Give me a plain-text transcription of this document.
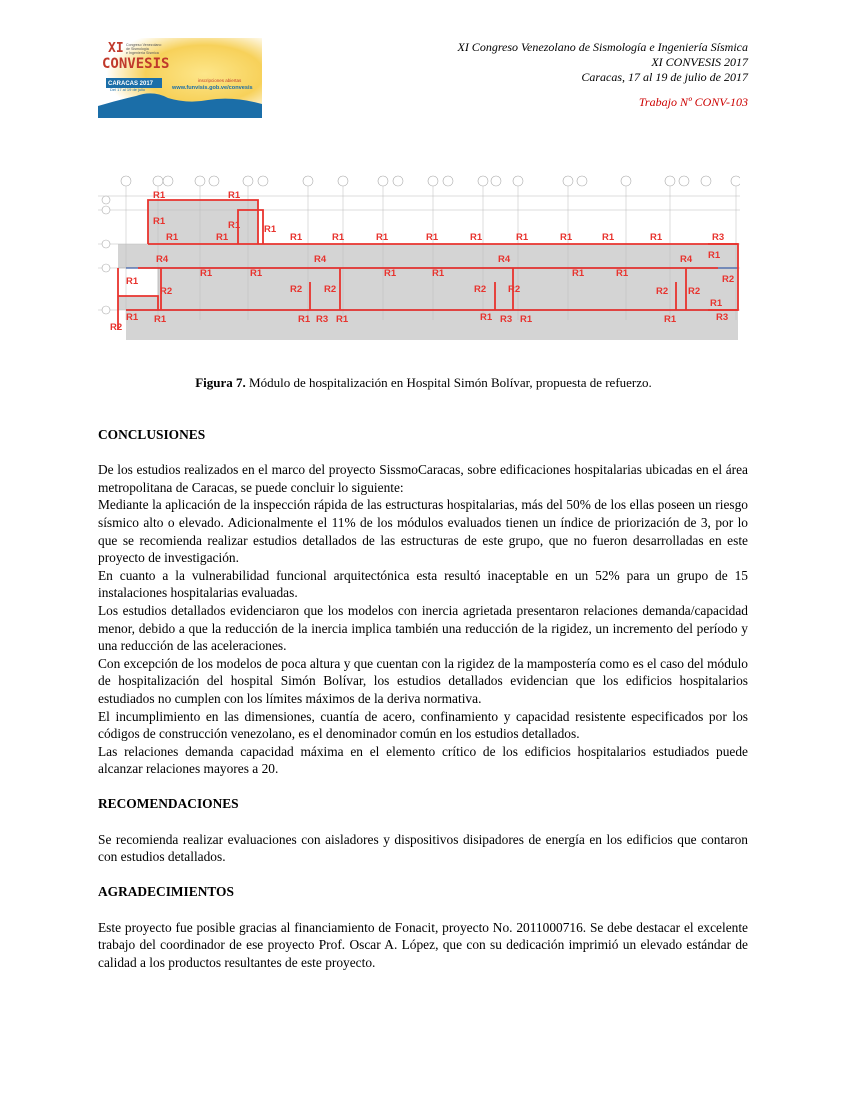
XI
CONVESIS
Congreso Venezolano
de Sismología
e Ingeniería Sísmica
CARACAS 2017
Del 17 al 19 de julio
inscripciones abiertas
www.funvisis.gob.ve/convesis
XI Congreso Venezolano de Sismología e Ingeniería Sísmica
XI CONVESIS 2017
Caracas, 17 al 19 de julio de 2017
Trabajo Nº CONV-103
R1	R1
R1	R1	R1
R1	R1	R1	R1	R1	R1	R1	R1	R1	R1	R1	R3
R4
R1	R1
R4
R1	R1
R4
R1	R1
R4 R1
R2
R1
R2	R2 R2	R2 R2	R2 R2
R1
R2
R1 R1	R1 R3 R1	R1 R3 R1	R1	R3
Figura 7. Módulo de hospitalización en Hospital Simón Bolívar, propuesta de refuerzo.
CONCLUSIONES

De los estudios realizados en el marco del proyecto SissmoCaracas, sobre edificaciones hospitalarias ubicadas en el área metropolitana de Caracas, se puede concluir lo siguiente:

Mediante la aplicación de la inspección rápida de las estructuras hospitalarias, más del 50% de los ellas poseen un riesgo sísmico alto o elevado. Adicionalmente el 11% de los módulos evaluados tienen un índice de priorización de 3, por lo que se recomienda realizar estudios detallados de las estructuras de este grupo, que no fueron desarrolladas en este proyecto de investigación.

En cuanto a la vulnerabilidad funcional arquitectónica esta resultó inaceptable en un 52% para un grupo de 15 instalaciones hospitalarias evaluadas.

Los estudios detallados evidenciaron que los modelos con inercia agrietada presentaron relaciones demanda/capacidad menor, debido a que la reducción de la inercia implica también una reducción de la rigidez, un incremento del período y una reducción de las aceleraciones.

Con excepción de los modelos de poca altura y que cuentan con la rigidez de la mampostería como es el caso del módulo de hospitalización del hospital Simón Bolívar, los estudios detallados evidencian que los edificios hospitalarios estudiados no cumplen con los límites máximos de la deriva normativa.

El incumplimiento en las dimensiones, cuantía de acero, confinamiento y capacidad resistente especificados por los códigos de construcción venezolano, es el denominador común en los estudios detallados.

Las relaciones demanda capacidad máxima en el elemento crítico de los edificios hospitalarios estudiados puede alcanzar relaciones mayores a 20.

RECOMENDACIONES

Se recomienda realizar evaluaciones con aisladores y dispositivos disipadores de energía en los edificios que contaron con estudios detallados.

AGRADECIMIENTOS

Este proyecto fue posible gracias al financiamiento de Fonacit, proyecto No. 2011000716. Se debe destacar el excelente trabajo del coordinador de ese proyecto Prof. Oscar A. López, que con su dedicación imprimió un elevado estándar de calidad a los productos resultantes de este proyecto.
